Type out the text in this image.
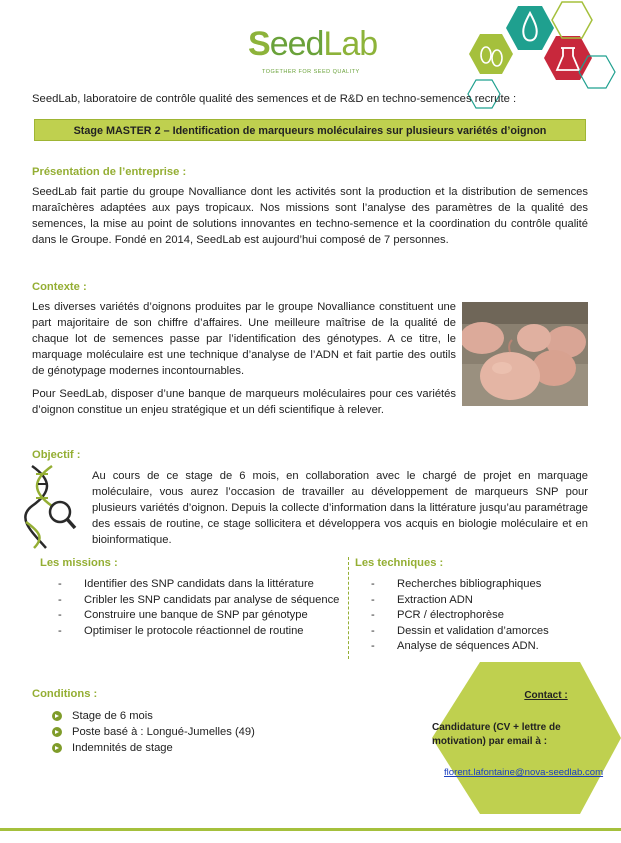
SeedLab
TOGETHER FOR SEED QUALITY
SeedLab, laboratoire de contrôle qualité des semences et de R&D en techno-semences recrute :
Stage MASTER 2 – Identification de marqueurs moléculaires sur plusieurs variétés d’oignon
Présentation de l’entreprise :
SeedLab fait partie du groupe Novalliance dont les activités sont la production et la distribution de semences maraîchères adaptées aux pays tropicaux. Nos missions sont l’analyse des paramètres de la qualité des semences, la mise au point de solutions innovantes en techno-semence et la coordination du contrôle qualité dans le Groupe. Fondé en 2014, SeedLab est aujourd’hui composé de 7 personnes.
Contexte :
Les diverses variétés d’oignons produites par le groupe Novalliance constituent une part majoritaire de son chiffre d’affaires. Une meilleure maîtrise de la qualité de chaque lot de semences passe par l’identification des génotypes. A ce titre, le marquage moléculaire est une technique d’analyse de l’ADN et fait partie des outils de génotypage modernes incontournables.
Pour SeedLab, disposer d’une banque de marqueurs moléculaires pour ces variétés d’oignon constitue un enjeu stratégique et un défi scientifique à relever.
Objectif :
Au cours de ce stage de 6 mois, en collaboration avec le chargé de projet en marquage moléculaire, vous aurez l’occasion de travailler au développement de marqueurs SNP pour plusieurs variétés d’oignon. Depuis la collecte d’information dans la littérature jusqu’au paramétrage des essais de routine, ce stage sollicitera et développera vos acquis en biologie moléculaire et en bioinformatique.
Les missions :
-	Identifier des SNP candidats dans la littérature
-	Cribler les SNP candidats par analyse de séquence
-	Construire une banque de SNP par génotype
-	Optimiser le protocole réactionnel de routine
Les techniques :
-	Recherches bibliographiques
-	Extraction ADN
-	PCR / électrophorèse
-	Dessin et validation d’amorces
-	Analyse de séquences ADN.
Conditions :
Stage de 6 mois
Poste basé à : Longué-Jumelles (49)
Indemnités de stage
Contact :
Candidature (CV + lettre de
motivation) par email à :
florent.lafontaine@nova-seedlab.com
